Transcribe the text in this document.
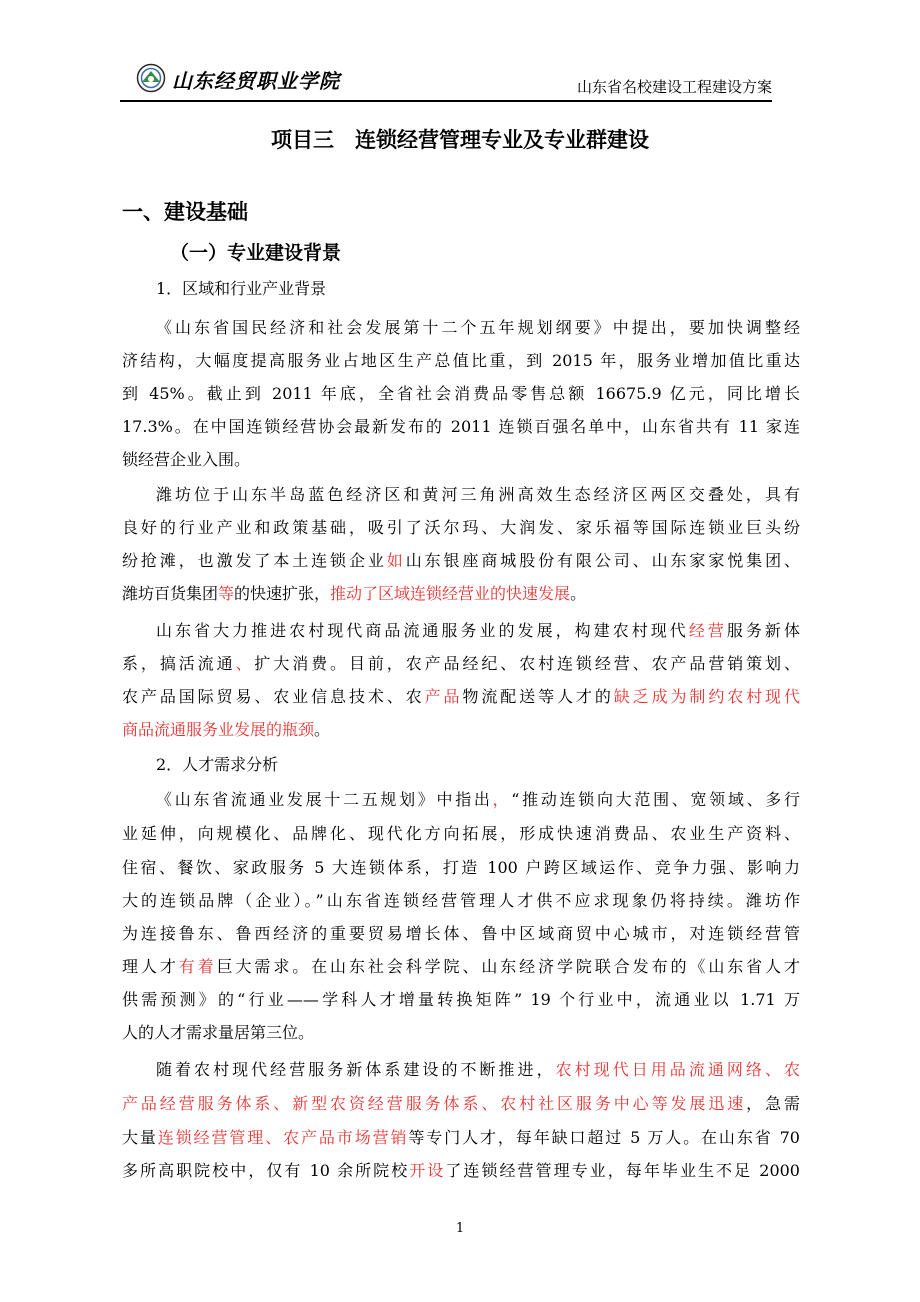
山东经贸职业学院	山东省名校建设工程建设方案
项目三　连锁经营管理专业及专业群建设
一、建设基础
（一）专业建设背景
1．区域和行业产业背景
《山东省国民经济和社会发展第十二个五年规划纲要》中提出，要加快调整经
济结构，大幅度提高服务业占地区生产总值比重，到 2015 年，服务业增加值比重达
到 45%。截止到 2011 年底，全省社会消费品零售总额 16675.9 亿元，同比增长
17.3%。在中国连锁经营协会最新发布的 2011 连锁百强名单中，山东省共有 11 家连
锁经营企业入围。
潍坊位于山东半岛蓝色经济区和黄河三角洲高效生态经济区两区交叠处，具有
良好的行业产业和政策基础，吸引了沃尔玛、大润发、家乐福等国际连锁业巨头纷
纷抢滩，也激发了本土连锁企业如山东银座商城股份有限公司、山东家家悦集团、
潍坊百货集团等的快速扩张，推动了区域连锁经营业的快速发展。
山东省大力推进农村现代商品流通服务业的发展，构建农村现代经营服务新体
系，搞活流通、扩大消费。目前，农产品经纪、农村连锁经营、农产品营销策划、
农产品国际贸易、农业信息技术、农产品物流配送等人才的缺乏成为制约农村现代
商品流通服务业发展的瓶颈。
2．人才需求分析
《山东省流通业发展十二五规划》中指出，“推动连锁向大范围、宽领域、多行
业延伸，向规模化、品牌化、现代化方向拓展，形成快速消费品、农业生产资料、
住宿、餐饮、家政服务 5 大连锁体系，打造 100 户跨区域运作、竞争力强、影响力
大的连锁品牌（企业）。”山东省连锁经营管理人才供不应求现象仍将持续。潍坊作
为连接鲁东、鲁西经济的重要贸易增长体、鲁中区域商贸中心城市，对连锁经营管
理人才有着巨大需求。在山东社会科学院、山东经济学院联合发布的《山东省人才
供需预测》的“行业——学科人才增量转换矩阵” 19 个行业中，流通业以 1.71 万
人的人才需求量居第三位。
随着农村现代经营服务新体系建设的不断推进，农村现代日用品流通网络、农
产品经营服务体系、新型农资经营服务体系、农村社区服务中心等发展迅速，急需
大量连锁经营管理、农产品市场营销等专门人才，每年缺口超过 5 万人。在山东省 70
多所高职院校中，仅有 10 余所院校开设了连锁经营管理专业，每年毕业生不足 2000
1
